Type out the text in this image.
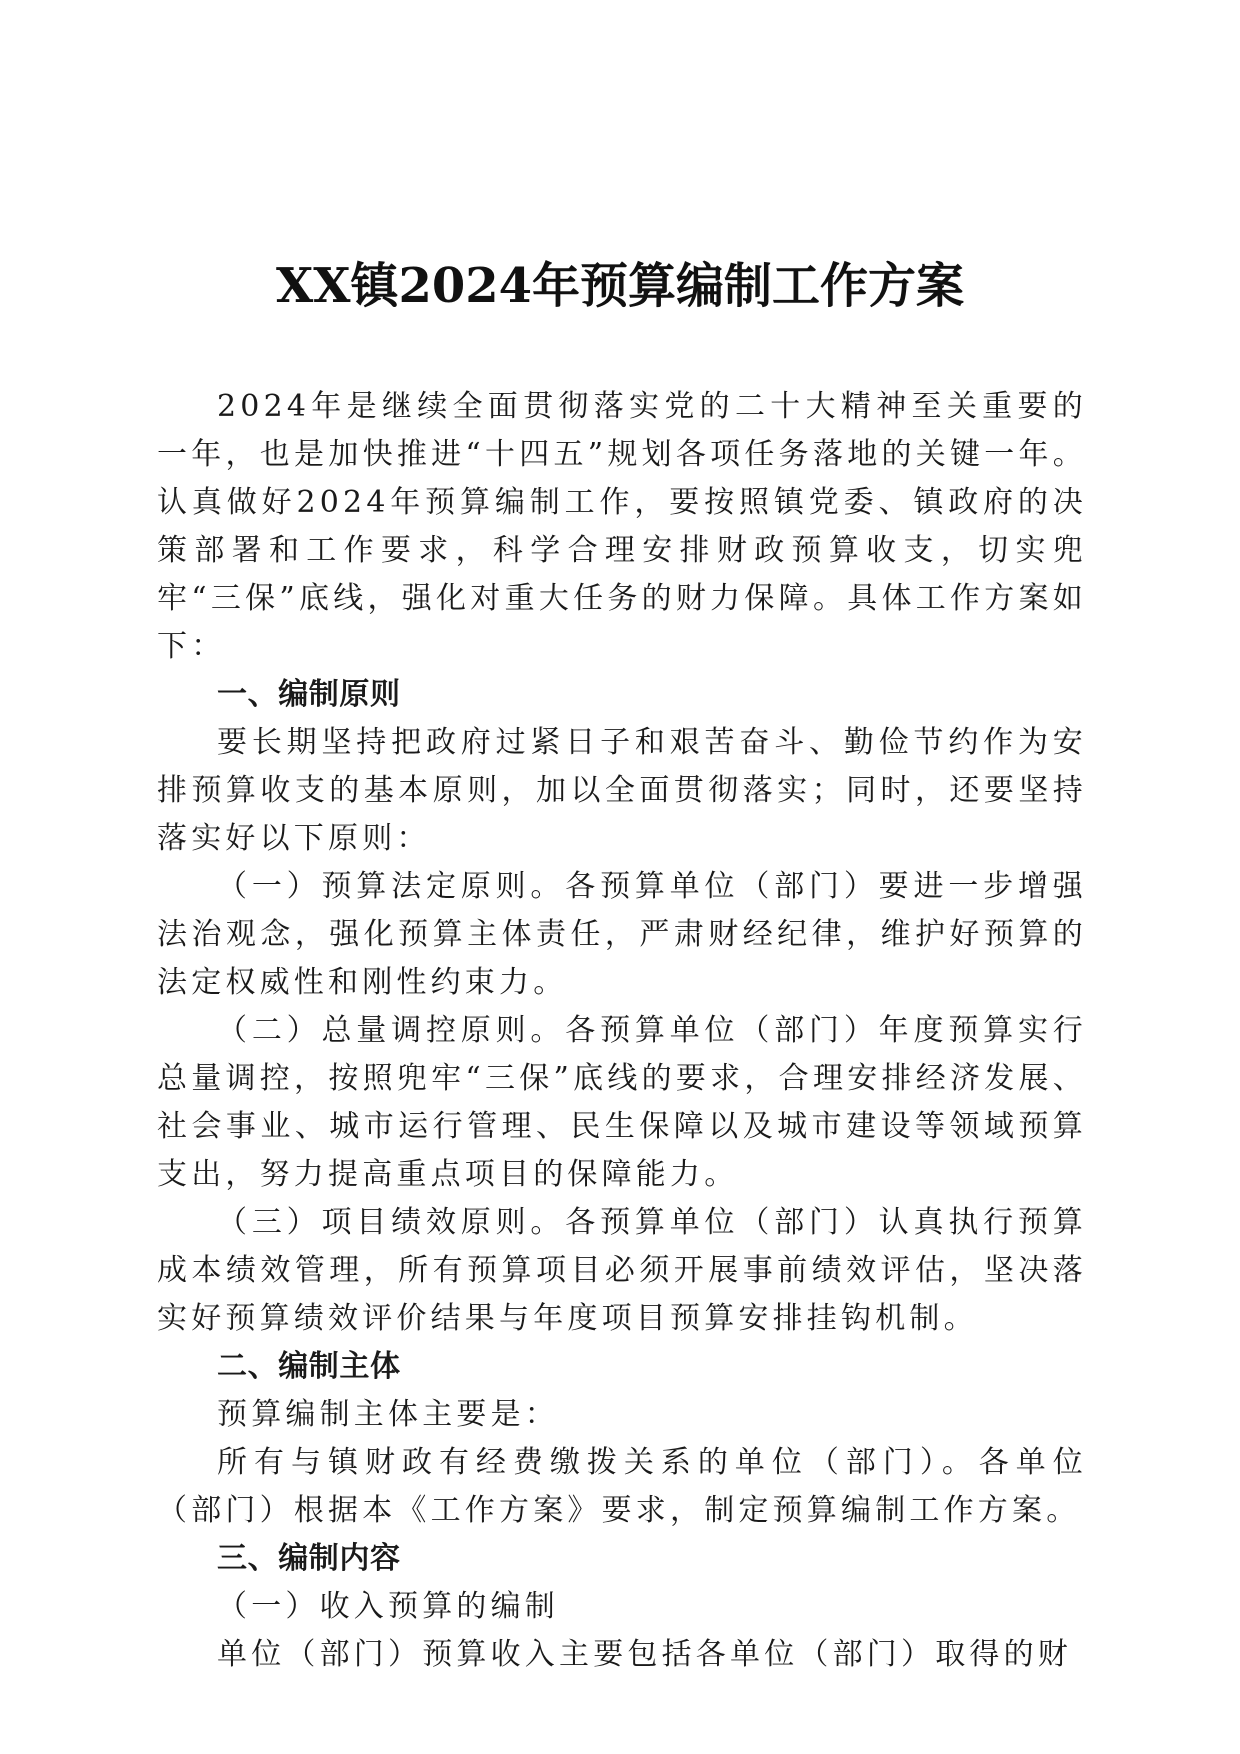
XX镇2024年预算编制工作方案

2024年是继续全面贯彻落实党的二十大精神至关重要的一年，也是加快推进“十四五”规划各项任务落地的关键一年。认真做好2024年预算编制工作，要按照镇党委、镇政府的决策部署和工作要求，科学合理安排财政预算收支，切实兜牢“三保”底线，强化对重大任务的财力保障。具体工作方案如下：

一、编制原则

要长期坚持把政府过紧日子和艰苦奋斗、勤俭节约作为安排预算收支的基本原则，加以全面贯彻落实；同时，还要坚持落实好以下原则：

（一）预算法定原则。各预算单位（部门）要进一步增强法治观念，强化预算主体责任，严肃财经纪律，维护好预算的法定权威性和刚性约束力。

（二）总量调控原则。各预算单位（部门）年度预算实行总量调控，按照兜牢“三保”底线的要求，合理安排经济发展、社会事业、城市运行管理、民生保障以及城市建设等领域预算支出，努力提高重点项目的保障能力。

（三）项目绩效原则。各预算单位（部门）认真执行预算成本绩效管理，所有预算项目必须开展事前绩效评估，坚决落实好预算绩效评价结果与年度项目预算安排挂钩机制。

二、编制主体

预算编制主体主要是：

所有与镇财政有经费缴拨关系的单位（部门）。各单位（部门）根据本《工作方案》要求，制定预算编制工作方案。

三、编制内容

（一）收入预算的编制

单位（部门）预算收入主要包括各单位（部门）取得的财
